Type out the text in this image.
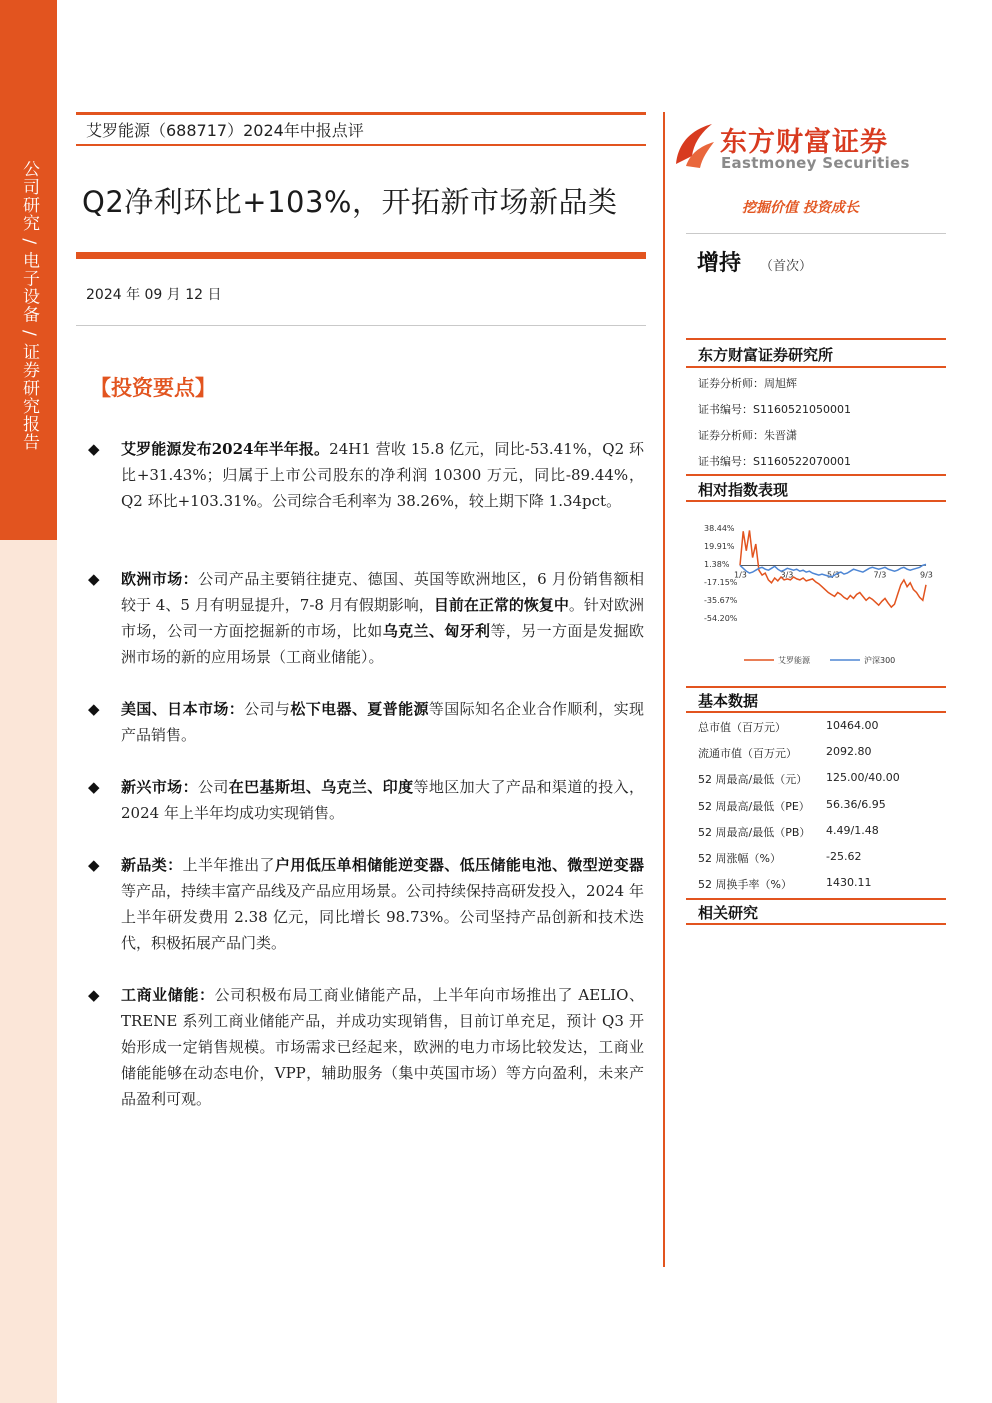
公司研究 / 电子设备 / 证券研究报告
艾罗能源（688717）2024年中报点评
Q2净利环比+103%，开拓新市场新品类
2024 年 09 月 12 日
【投资要点】
◆ 艾罗能源发布2024年半年报。24H1 营收 15.8 亿元，同比-53.41%，Q2 环比+31.43%；归属于上市公司股东的净利润 10300 万元，同比-89.44%，Q2 环比+103.31%。公司综合毛利率为 38.26%，较上期下降 1.34pct。
◆ 欧洲市场：公司产品主要销往捷克、德国、英国等欧洲地区，6 月份销售额相较于 4、5 月有明显提升，7-8 月有假期影响，目前在正常的恢复中。针对欧洲市场，公司一方面挖掘新的市场，比如乌克兰、匈牙利等，另一方面是发掘欧洲市场的新的应用场景（工商业储能）。
◆ 美国、日本市场：公司与松下电器、夏普能源等国际知名企业合作顺利，实现产品销售。
◆ 新兴市场：公司在巴基斯坦、乌克兰、印度等地区加大了产品和渠道的投入，2024 年上半年均成功实现销售。
◆ 新品类：上半年推出了户用低压单相储能逆变器、低压储能电池、微型逆变器等产品，持续丰富产品线及产品应用场景。公司持续保持高研发投入，2024 年上半年研发费用 2.38 亿元，同比增长 98.73%。公司坚持产品创新和技术迭代，积极拓展产品门类。
◆ 工商业储能：公司积极布局工商业储能产品，上半年向市场推出了 AELIO、TRENE 系列工商业储能产品，并成功实现销售，目前订单充足，预计 Q3 开始形成一定销售规模。市场需求已经起来，欧洲的电力市场比较发达，工商业储能能够在动态电价，VPP，辅助服务（集中英国市场）等方向盈利，未来产品盈利可观。
东方财富证券
Eastmoney Securities
挖掘价值 投资成长
增持 （首次）
东方财富证券研究所
证券分析师：周旭辉
证书编号：S1160521050001
证券分析师：朱晋潇
证书编号：S1160522070001
相对指数表现
38.44%
19.91%
1.38%
-17.15%
-35.67%
-54.20%
1/3	3/3	5/3	7/3	9/3
艾罗能源	沪深300
基本数据
总市值（百万元）	10464.00
流通市值（百万元）	2092.80
52 周最高/最低（元） 125.00/40.00
52 周最高/最低（PE） 56.36/6.95
52 周最高/最低（PB） 4.49/1.48
52 周涨幅（%）	-25.62
52 周换手率（%）	1430.11
相关研究
